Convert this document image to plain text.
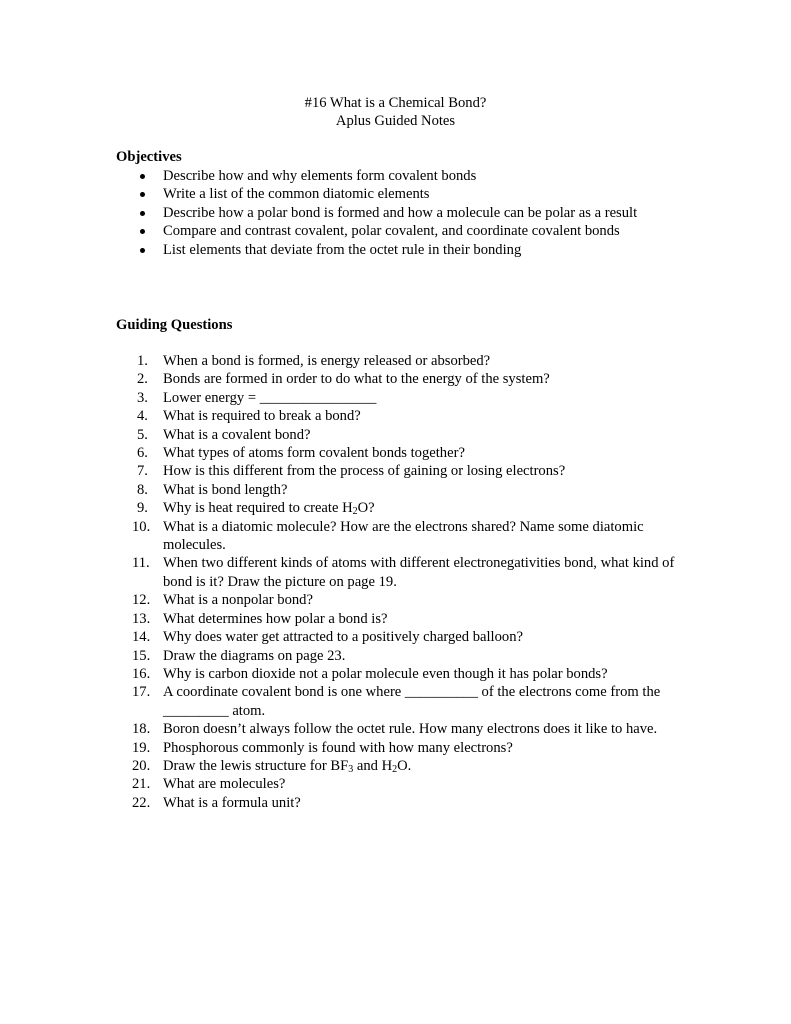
#16 What is a Chemical Bond?
Aplus Guided Notes
Objectives
Describe how and why elements form covalent bonds
Write a list of the common diatomic elements
Describe how a polar bond is formed and how a molecule can be polar as a result
Compare and contrast covalent, polar covalent, and coordinate covalent bonds
List elements that deviate from the octet rule in their bonding
Guiding Questions
1. When a bond is formed, is energy released or absorbed?
2. Bonds are formed in order to do what to the energy of the system?
3. Lower energy = ________________
4. What is required to break a bond?
5. What is a covalent bond?
6. What types of atoms form covalent bonds together?
7. How is this different from the process of gaining or losing electrons?
8. What is bond length?
9. Why is heat required to create $H_2O$?
10. What is a diatomic molecule? How are the electrons shared? Name some diatomic molecules.
11. When two different kinds of atoms with different electronegativities bond, what kind of bond is it? Draw the picture on page 19.
12. What is a nonpolar bond?
13. What determines how polar a bond is?
14. Why does water get attracted to a positively charged balloon?
15. Draw the diagrams on page 23.
16. Why is carbon dioxide not a polar molecule even though it has polar bonds?
17. A coordinate covalent bond is one where __________ of the electrons come from the _________ atom.
18. Boron doesn’t always follow the octet rule. How many electrons does it like to have.
19. Phosphorous commonly is found with how many electrons?
20. Draw the lewis structure for $BF_3$ and $H_2O$.
21. What are molecules?
22. What is a formula unit?
